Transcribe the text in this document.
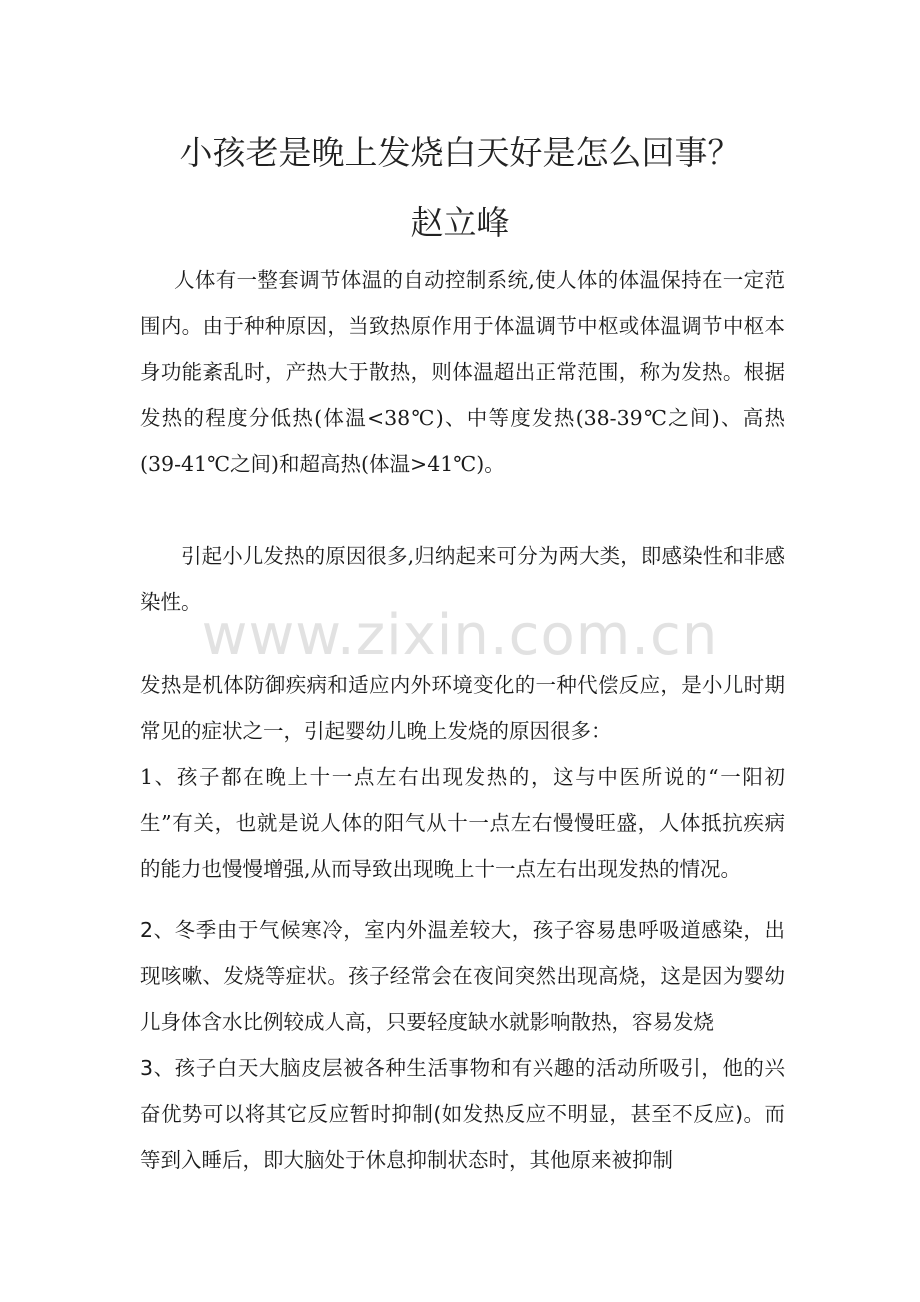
小孩老是晚上发烧白天好是怎么回事？
赵立峰

人体有一整套调节体温的自动控制系统,使人体的体温保持在一定范围内。由于种种原因，当致热原作用于体温调节中枢或体温调节中枢本身功能紊乱时，产热大于散热，则体温超出正常范围，称为发热。根据发热的程度分低热(体温<38℃)、中等度发热(38-39℃之间)、高热(39-41℃之间)和超高热(体温>41℃)。

引起小儿发热的原因很多,归纳起来可分为两大类，即感染性和非感染性。

发热是机体防御疾病和适应内外环境变化的一种代偿反应，是小儿时期常见的症状之一，引起婴幼儿晚上发烧的原因很多：

1、孩子都在晚上十一点左右出现发热的，这与中医所说的“一阳初生”有关，也就是说人体的阳气从十一点左右慢慢旺盛，人体抵抗疾病的能力也慢慢增强,从而导致出现晚上十一点左右出现发热的情况。

2、冬季由于气候寒冷，室内外温差较大，孩子容易患呼吸道感染，出现咳嗽、发烧等症状。孩子经常会在夜间突然出现高烧，这是因为婴幼儿身体含水比例较成人高，只要轻度缺水就影响散热，容易发烧

3、孩子白天大脑皮层被各种生活事物和有兴趣的活动所吸引，他的兴奋优势可以将其它反应暂时抑制(如发热反应不明显，甚至不反应)。而等到入睡后，即大脑处于休息抑制状态时，其他原来被抑制

www.zixin.com.cn
